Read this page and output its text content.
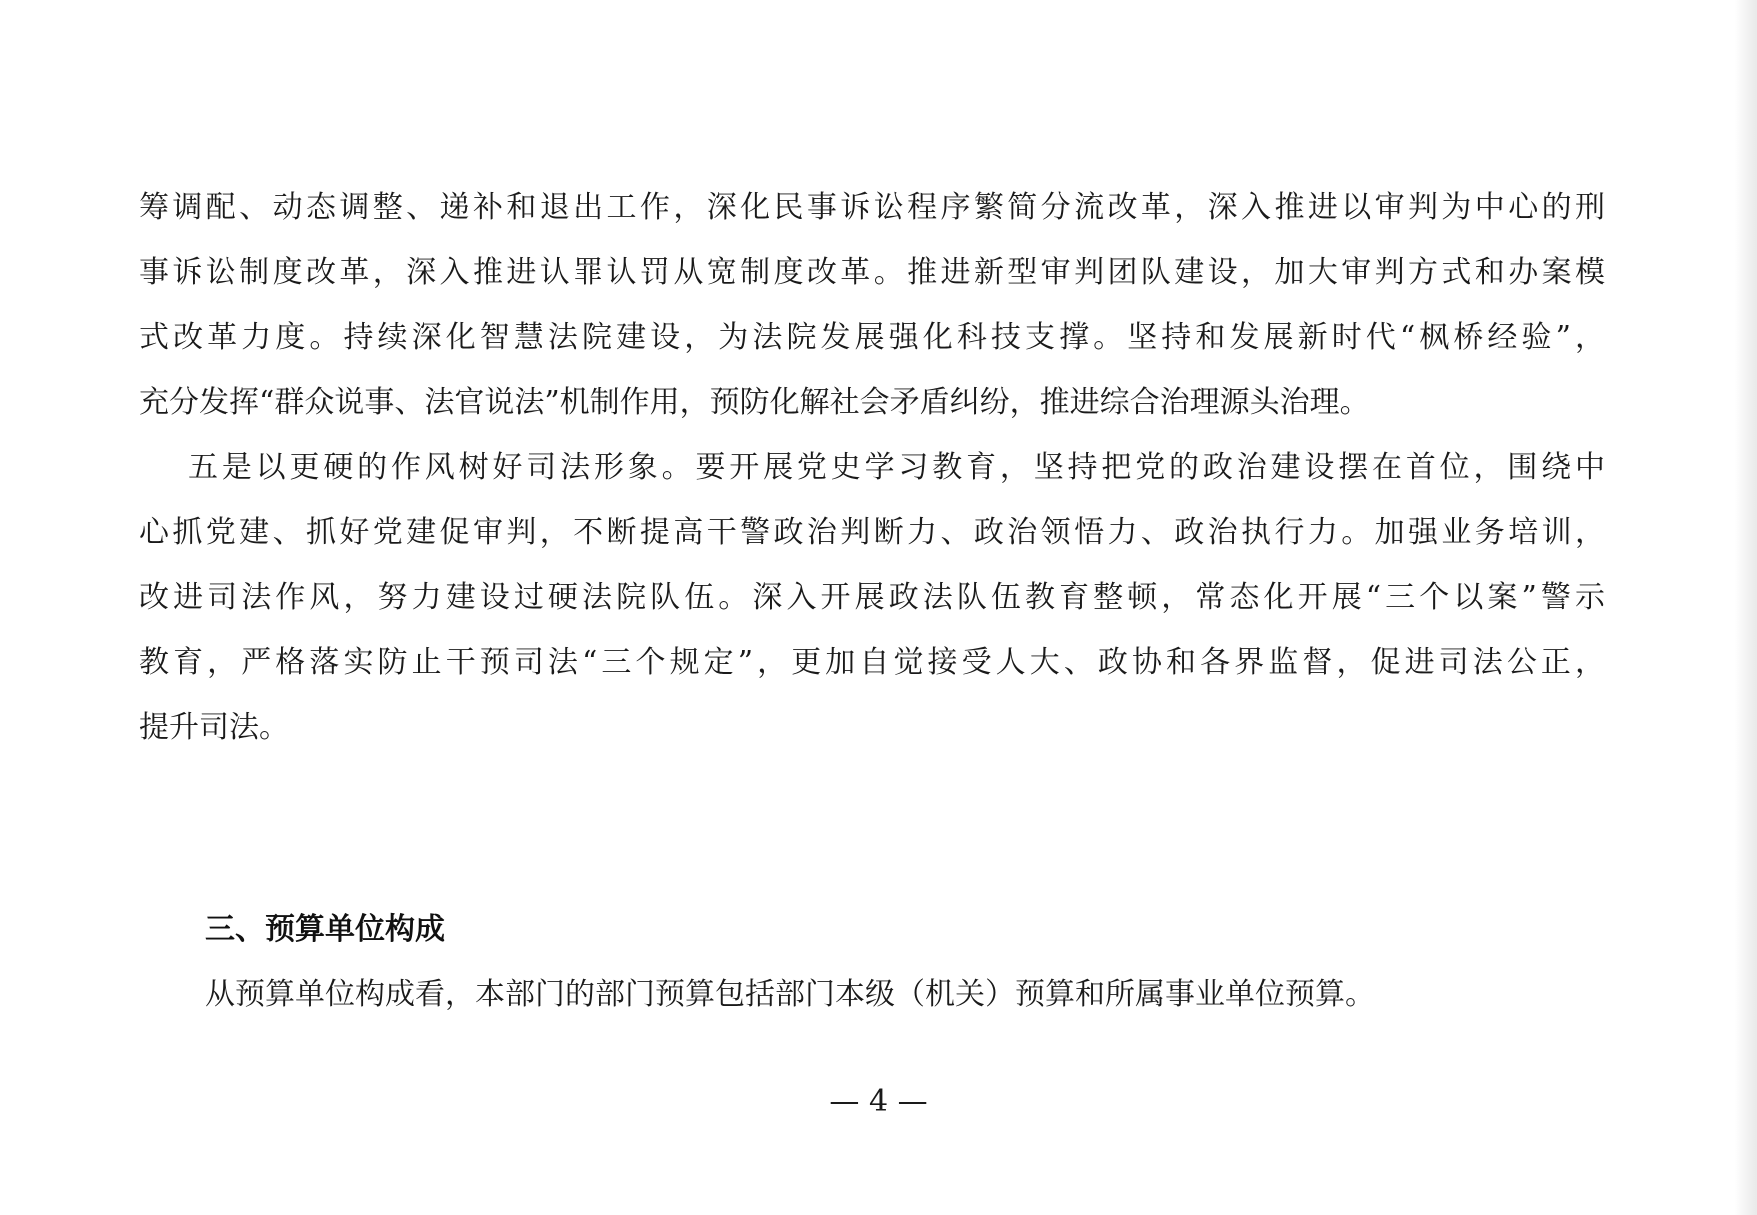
筹调配、动态调整、递补和退出工作，深化民事诉讼程序繁简分流改革，深入推进以审判为中心的刑
事诉讼制度改革，深入推进认罪认罚从宽制度改革。推进新型审判团队建设，加大审判方式和办案模
式改革力度。持续深化智慧法院建设，为法院发展强化科技支撑。坚持和发展新时代“枫桥经验”，
充分发挥“群众说事、法官说法”机制作用，预防化解社会矛盾纠纷，推进综合治理源头治理。
五是以更硬的作风树好司法形象。要开展党史学习教育，坚持把党的政治建设摆在首位，围绕中
心抓党建、抓好党建促审判，不断提高干警政治判断力、政治领悟力、政治执行力。加强业务培训，
改进司法作风，努力建设过硬法院队伍。深入开展政法队伍教育整顿，常态化开展“三个以案”警示
教育，严格落实防止干预司法“三个规定”，更加自觉接受人大、政协和各界监督，促进司法公正，
提升司法。
三、预算单位构成
从预算单位构成看，本部门的部门预算包括部门本级（机关）预算和所属事业单位预算。
— 4 —
